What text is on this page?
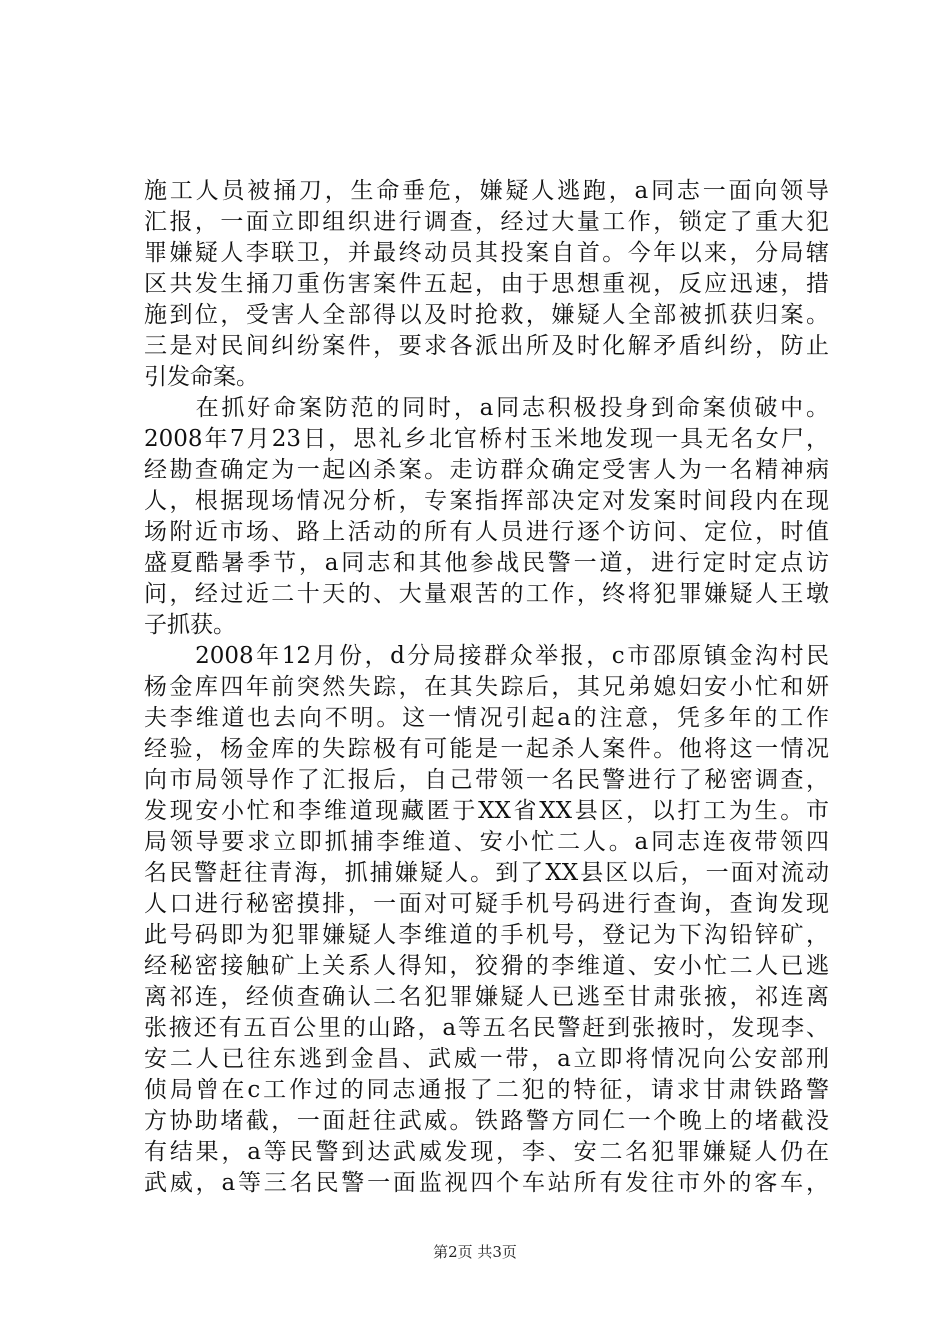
施工人员被捅刀，生命垂危，嫌疑人逃跑，a同志一面向领导
汇报，一面立即组织进行调查，经过大量工作，锁定了重大犯
罪嫌疑人李联卫，并最终动员其投案自首。今年以来，分局辖
区共发生捅刀重伤害案件五起，由于思想重视，反应迅速，措
施到位，受害人全部得以及时抢救，嫌疑人全部被抓获归案。
三是对民间纠纷案件，要求各派出所及时化解矛盾纠纷，防止
引发命案。
　　在抓好命案防范的同时，a同志积极投身到命案侦破中。
2008年7月23日，思礼乡北官桥村玉米地发现一具无名女尸，
经勘查确定为一起凶杀案。走访群众确定受害人为一名精神病
人，根据现场情况分析，专案指挥部决定对发案时间段内在现
场附近市场、路上活动的所有人员进行逐个访问、定位，时值
盛夏酷暑季节，a同志和其他参战民警一道，进行定时定点访
问，经过近二十天的、大量艰苦的工作，终将犯罪嫌疑人王墩
子抓获。
　　2008年12月份，d分局接群众举报，c市邵原镇金沟村民
杨金库四年前突然失踪，在其失踪后，其兄弟媳妇安小忙和妍
夫李维道也去向不明。这一情况引起a的注意，凭多年的工作
经验，杨金库的失踪极有可能是一起杀人案件。他将这一情况
向市局领导作了汇报后，自己带领一名民警进行了秘密调查，
发现安小忙和李维道现藏匿于XX省XX县区，以打工为生。市
局领导要求立即抓捕李维道、安小忙二人。a同志连夜带领四
名民警赶往青海，抓捕嫌疑人。到了XX县区以后，一面对流动
人口进行秘密摸排，一面对可疑手机号码进行查询，查询发现
此号码即为犯罪嫌疑人李维道的手机号，登记为下沟铅锌矿，
经秘密接触矿上关系人得知，狡猾的李维道、安小忙二人已逃
离祁连，经侦查确认二名犯罪嫌疑人已逃至甘肃张掖，祁连离
张掖还有五百公里的山路，a等五名民警赶到张掖时，发现李、
安二人已往东逃到金昌、武威一带，a立即将情况向公安部刑
侦局曾在c工作过的同志通报了二犯的特征，请求甘肃铁路警
方协助堵截，一面赶往武威。铁路警方同仁一个晚上的堵截没
有结果，a等民警到达武威发现，李、安二名犯罪嫌疑人仍在
武威，a等三名民警一面监视四个车站所有发往市外的客车，
第2页 共3页
